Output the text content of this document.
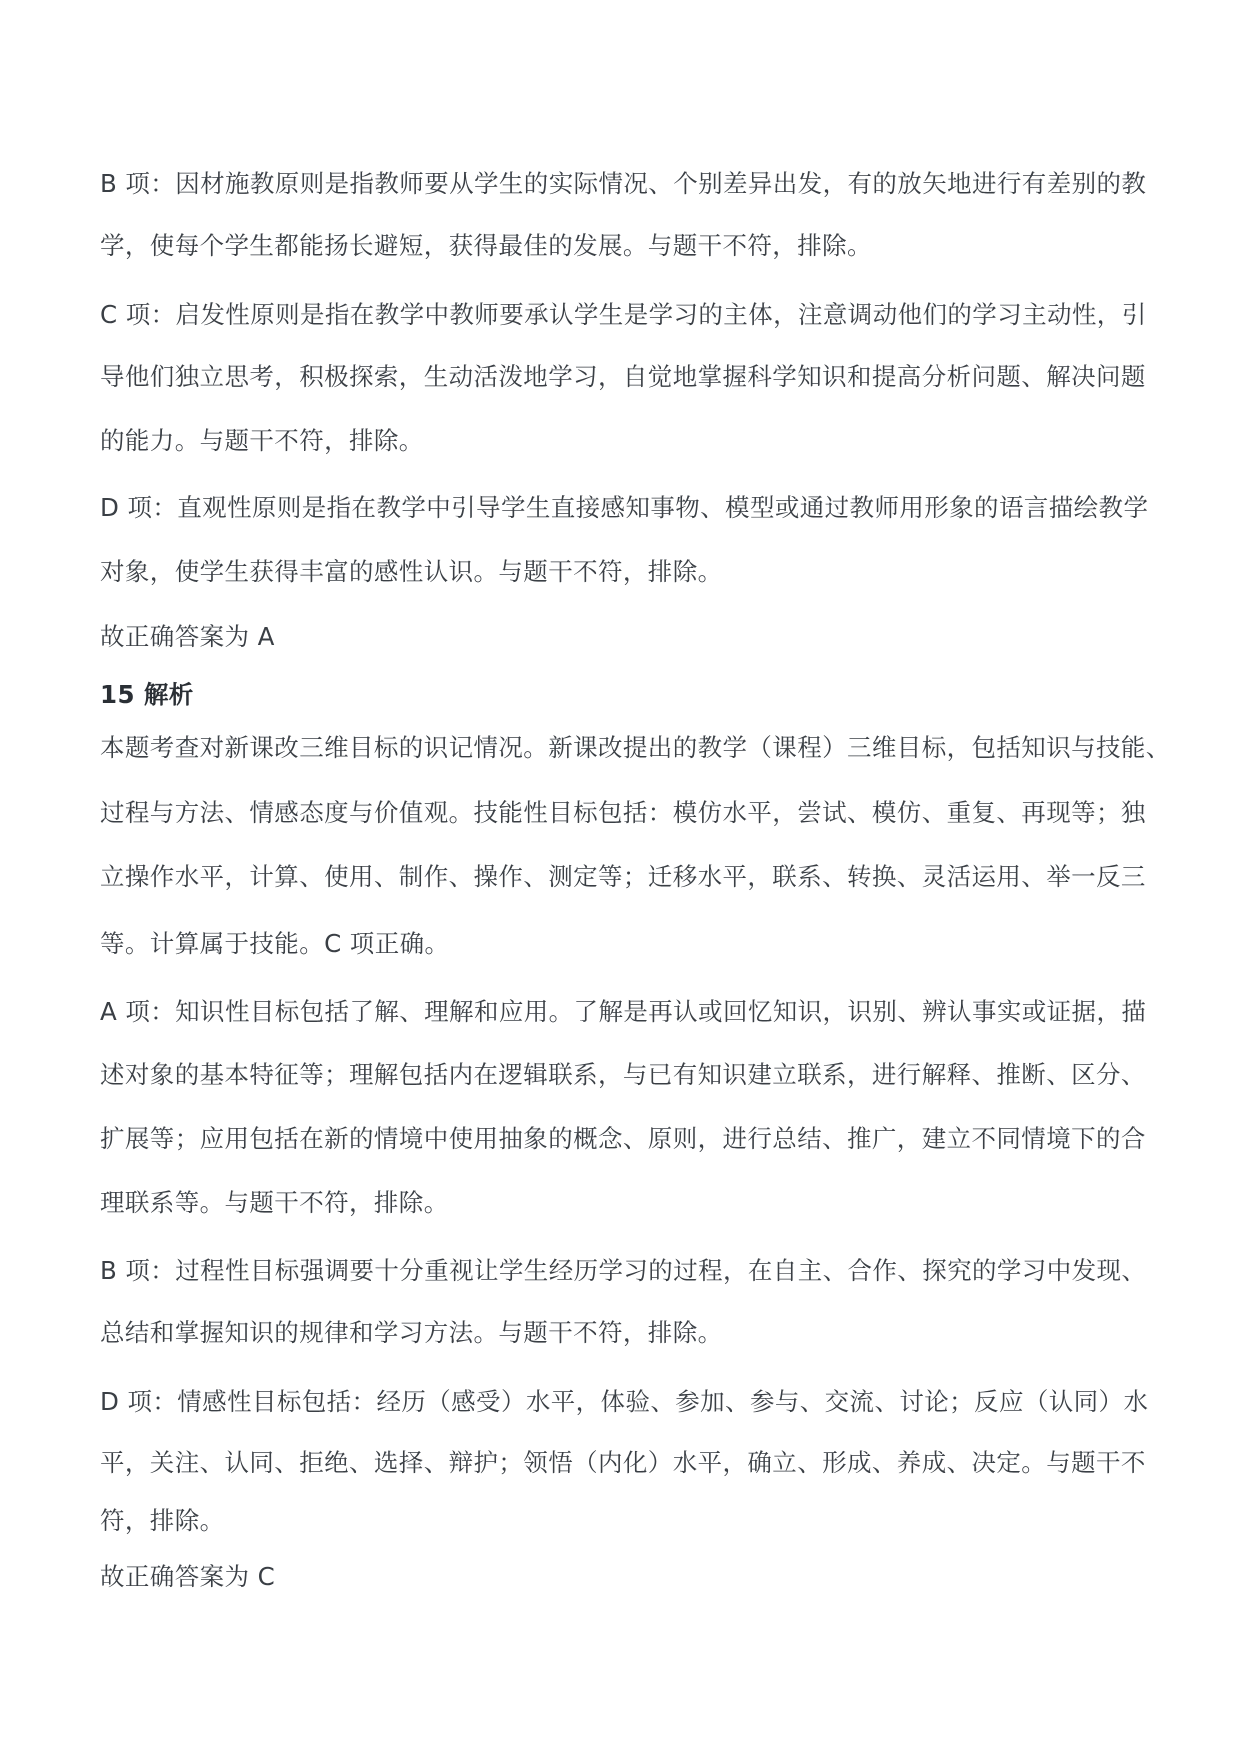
B 项：因材施教原则是指教师要从学生的实际情况、个别差异出发，有的放矢地进行有差别的教
学，使每个学生都能扬长避短，获得最佳的发展。与题干不符，排除。
C 项：启发性原则是指在教学中教师要承认学生是学习的主体，注意调动他们的学习主动性，引
导他们独立思考，积极探索，生动活泼地学习，自觉地掌握科学知识和提高分析问题、解决问题
的能力。与题干不符，排除。
D 项：直观性原则是指在教学中引导学生直接感知事物、模型或通过教师用形象的语言描绘教学
对象，使学生获得丰富的感性认识。与题干不符，排除。
故正确答案为 A
15 解析
本题考查对新课改三维目标的识记情况。新课改提出的教学（课程）三维目标，包括知识与技能、
过程与方法、情感态度与价值观。技能性目标包括：模仿水平，尝试、模仿、重复、再现等；独
立操作水平，计算、使用、制作、操作、测定等；迁移水平，联系、转换、灵活运用、举一反三
等。计算属于技能。C 项正确。
A 项：知识性目标包括了解、理解和应用。了解是再认或回忆知识，识别、辨认事实或证据，描
述对象的基本特征等；理解包括内在逻辑联系，与已有知识建立联系，进行解释、推断、区分、
扩展等；应用包括在新的情境中使用抽象的概念、原则，进行总结、推广，建立不同情境下的合
理联系等。与题干不符，排除。
B 项：过程性目标强调要十分重视让学生经历学习的过程，在自主、合作、探究的学习中发现、
总结和掌握知识的规律和学习方法。与题干不符，排除。
D 项：情感性目标包括：经历（感受）水平，体验、参加、参与、交流、讨论；反应（认同）水
平，关注、认同、拒绝、选择、辩护；领悟（内化）水平，确立、形成、养成、决定。与题干不
符，排除。
故正确答案为 C
